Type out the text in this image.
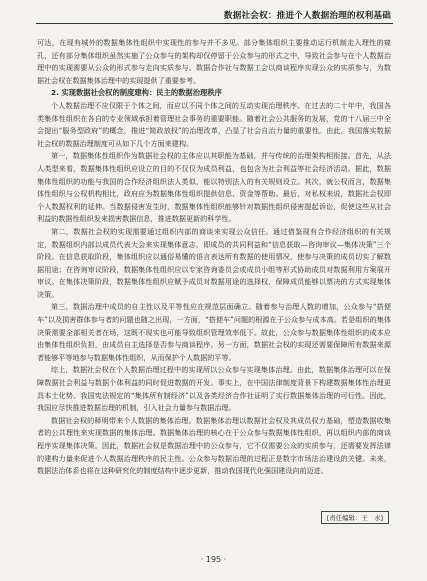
数据社会权：推进个人数据治理的权利基础

可达，在现有城外的数据集体性组织中实现性的参与并不多见。部分集体组织主要推动运行机制走入理性的窥孔，还有部分集体组织虽然实施了公众参与的架构却仅停留于公众参与的形式之中，导致社会参与在个人数据治理中的实现需要从公众的形式参与走向实质参与。数据合作社与数据工会以商谈程序实现公众的实质参与，为数据社会权在数据集体治理中的实现提供了重要参考。

2. 实现数据社会权的制度建构：民主的数据治理秩序

个人数据治理不应仅限于个体之间，而应以不同个体之间的互动实现治理秩序。在过去的二十年中，我国各类集体性组织在各自的专业领域承担着管理社会事务的重要职能。随着社会公共服务的发展，党的十八届三中全会提出“服务型政府”的概念，推进“简政放权”的治理改革，凸显了社会自治力量的重要性。由此，我国落实数据社会权的数据治理制度可从如下几个方面来建构。

第一，数据集体性组织作为数据社会权的主体应以其职能为基础，并与传统的治理架构相衔接。首先，从法人类型来看，数据集体性组织应设立的目的不仅仅为成员利益，也包含为社会利益等社会经济活动。据此，数据集体性组织的功能与我国的合作经济组织法人类似，能以特别法人的有关规则设立。其次，就公权而言，数据集体性组织与公权机构相比，政府应为数据集体性组织提供信息、资金等帮助。最后，对私权来说，数据社会权即个人数据权利的延伸。当数据侵害发生时，数据集体性组织能够针对数据性组织侵害提起诉讼，促使这些从社会利益的数据性组织发来损害数据信息，推进数据更新的科学性。

第二，数据社会权的实现需要通过组织内部的商谈来实现公众信任。通过借鉴现有合作经济组织的有关规定，数据组织内部以成员代表大会来实现集体意志，即成员的共同利益和“信息获取—咨询审议—集体决策”三个阶段。在信息获取阶段，集体组织应以通俗易懂的语言表达所有数据的使用情况，使参与决策的成员切实了解数据用途；在咨询审议阶段，数据集体性组织应以专家咨询委员会或成员小组等形式协助成员对数据利用方案展开审议。在集体决策阶段，数据集体性组织应赋予成员对数据用途的选择权，保障成员能够以票决的方式实现集体决策。

第三，数据治理中成员的自主性以及平等性应在规范层面确立。随着参与治理人数的增加，公众参与“搭便车”以及损害群体参与者的问题也随之出现，一方面，“搭便车”问题的根源在于公众参与成本高。若是组织的集体决策需要全部相关者在场，这既不现实也可能导致组织管理效率低下。故此，公众参与数据集体性组织的成本应由集体性组织负担，由成员自主选择是否参与商谈程序。另一方面，数据社会权的实现还需要保障所有数据来源者能够平等地参与数据集体性组织，从而保护个人数据的平等。

综上，数据社会权在个人数据治理过程中的实现所以公众参与实现集体治理。由此，数据集体治理可以在保障数据社会利益与数据个体利益的同时促进数据的开发。事实上，在中国法律制度背景下构建数据集体性治理更具本土化势。我国宪法规定的“集体所有制经济”以及各类经济合作社证明了实行数据集体治理的可行性。因此，我国应尽快推进数据治理的机制，引入社会力量参与数据治理。

数据社会权的释明带来个人数据的集体治理。数据集体治理以数据社会权及其成员权力基础，塑造数据收集者的公共理性来实现数据的集体治理。数据集体治理的核心在于公众参与数据集体性组织，再以组织内部的商谈程序实现集体决策。因此，数据社会权是数据治理中的公众参与，它不仅需要公众的实质参与，还需要发挥法律的建构力量来促进个人数据治理秩序的民主性。公众参与数据治理的过程正是数字市场法治建设的关键。未来，数据法治体系也将在这种研究化的制度结构中逐步更新，推动我国现代化强国建设向前迈进。

[责任编辑：王　水]
· 195 ·
